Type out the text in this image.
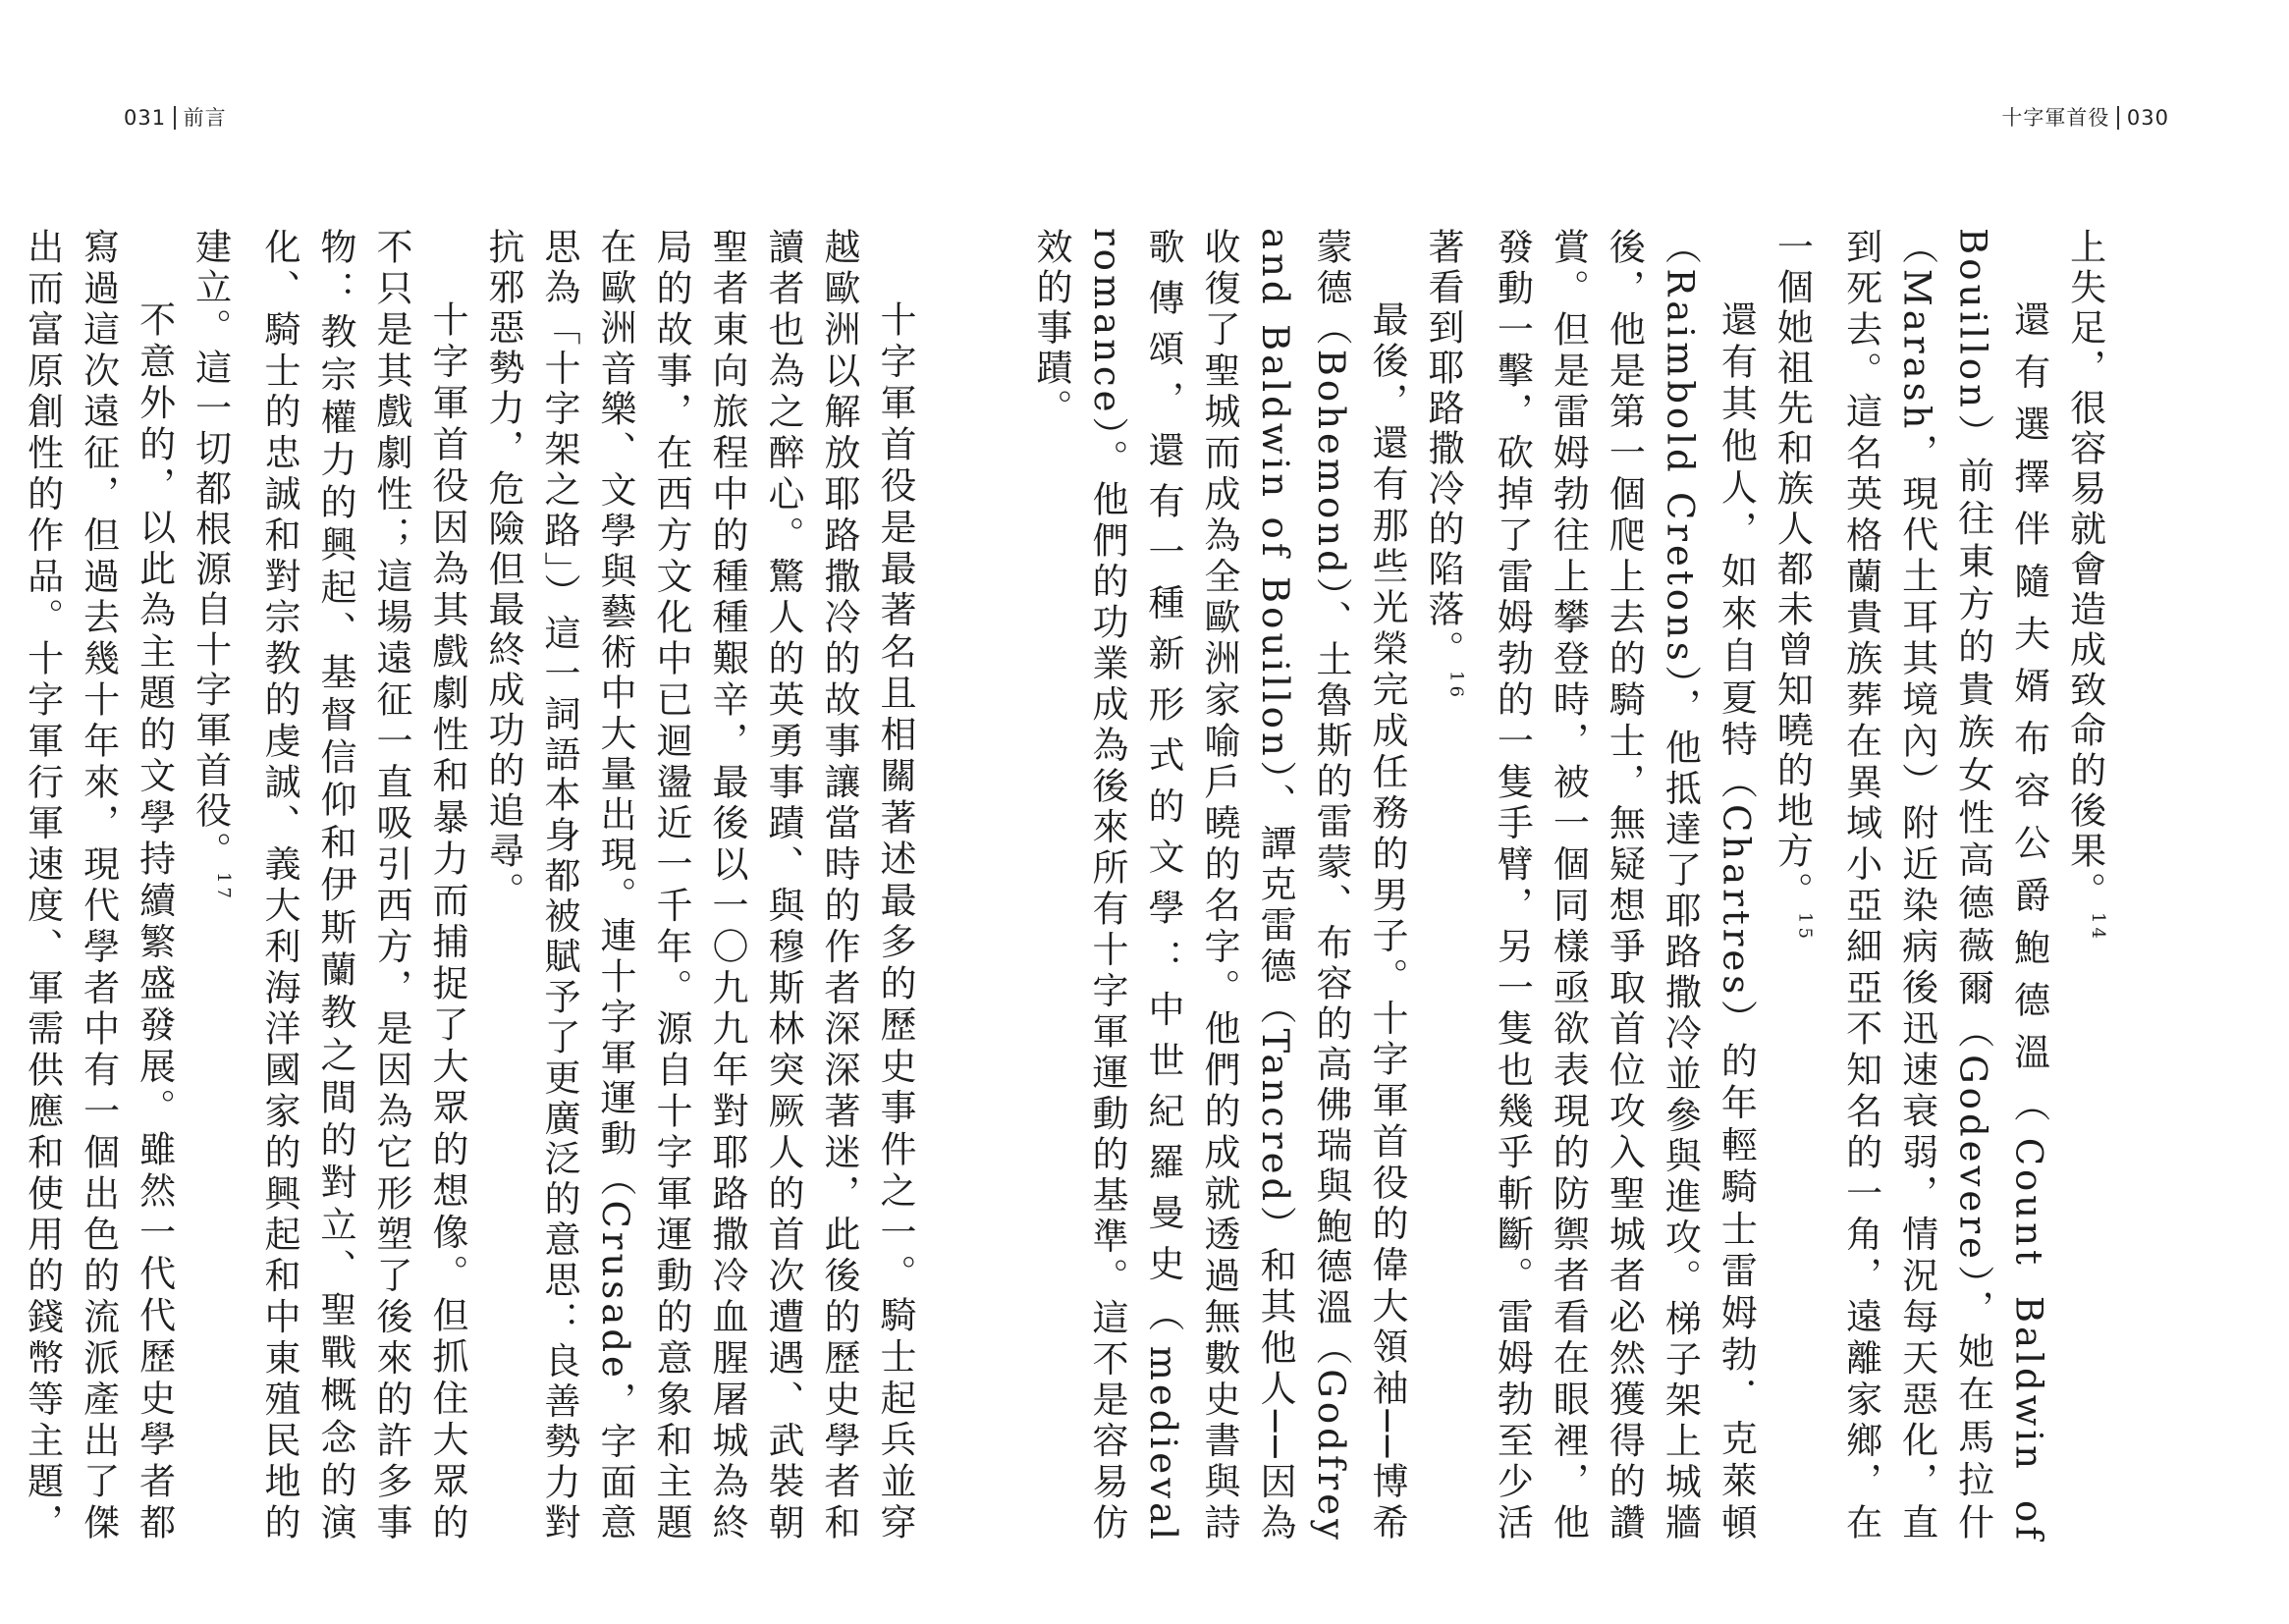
031 前言	十字軍首役 030

上失足，很容易就會造成致命的後果。$^{14}$

還有選擇伴隨夫婿布容公爵鮑德溫（Count Baldwin of Bouillon）前往東方的貴族女性高德薇爾（Godevere），她在馬拉什（Marash，現代土耳其境內）附近染病後迅速衰弱，情況每天惡化，直到死去。這名英格蘭貴族葬在異域小亞細亞不知名的一角，遠離家鄉，在一個她祖先和族人都未曾知曉的地方。$^{15}$

還有其他人，如來自夏特（Chartres）的年輕騎士雷姆勃．克萊頓（Raimbold Cretons），他抵達了耶路撒冷並參與進攻。梯子架上城牆後，他是第一個爬上去的騎士，無疑想爭取首位攻入聖城者必然獲得的讚賞。但是雷姆勃往上攀登時，被一個同樣亟欲表現的防禦者看在眼裡，他發動一擊，砍掉了雷姆勃的一隻手臂，另一隻也幾乎斬斷。雷姆勃至少活著看到耶路撒冷的陷落。$^{16}$

最後，還有那些光榮完成任務的男子。十字軍首役的偉大領袖──博希蒙德（Bohemond）、土魯斯的雷蒙、布容的高佛瑞與鮑德溫（Godfrey and Baldwin of Bouillon）、譚克雷德（Tancred）和其他人──因為收復了聖城而成為全歐洲家喻戶曉的名字。他們的成就透過無數史書與詩歌傳頌，還有一種新形式的文學：中世紀羅曼史（medieval romance）。他們的功業成為後來所有十字軍運動的基準。這不是容易仿效的事蹟。

十字軍首役是最著名且相關著述最多的歷史事件之一。騎士起兵並穿越歐洲以解放耶路撒冷的故事讓當時的作者深深著迷，此後的歷史學者和讀者也為之醉心。驚人的英勇事蹟、與穆斯林突厥人的首次遭遇、武裝朝聖者東向旅程中的種種艱辛，最後以一〇九九年對耶路撒冷血腥屠城為終局的故事，在西方文化中已迴盪近一千年。源自十字軍運動的意象和主題在歐洲音樂、文學與藝術中大量出現。連十字軍運動（Crusade，字面意思為「十字架之路」）這一詞語本身都被賦予了更廣泛的意思：良善勢力對抗邪惡勢力，危險但最終成功的追尋。

十字軍首役因為其戲劇性和暴力而捕捉了大眾的想像。但抓住大眾的不只是其戲劇性；這場遠征一直吸引西方，是因為它形塑了後來的許多事物：教宗權力的興起、基督信仰和伊斯蘭教之間的對立、聖戰概念的演化、騎士的忠誠和對宗教的虔誠、義大利海洋國家的興起和中東殖民地的建立。這一切都根源自十字軍首役。$^{17}$

不意外的，以此為主題的文學持續繁盛發展。雖然一代代歷史學者都寫過這次遠征，但過去幾十年來，現代學者中有一個出色的流派產出了傑出而富原創性的作品。十字軍行軍速度、軍需供應和使用的錢幣等主題，
